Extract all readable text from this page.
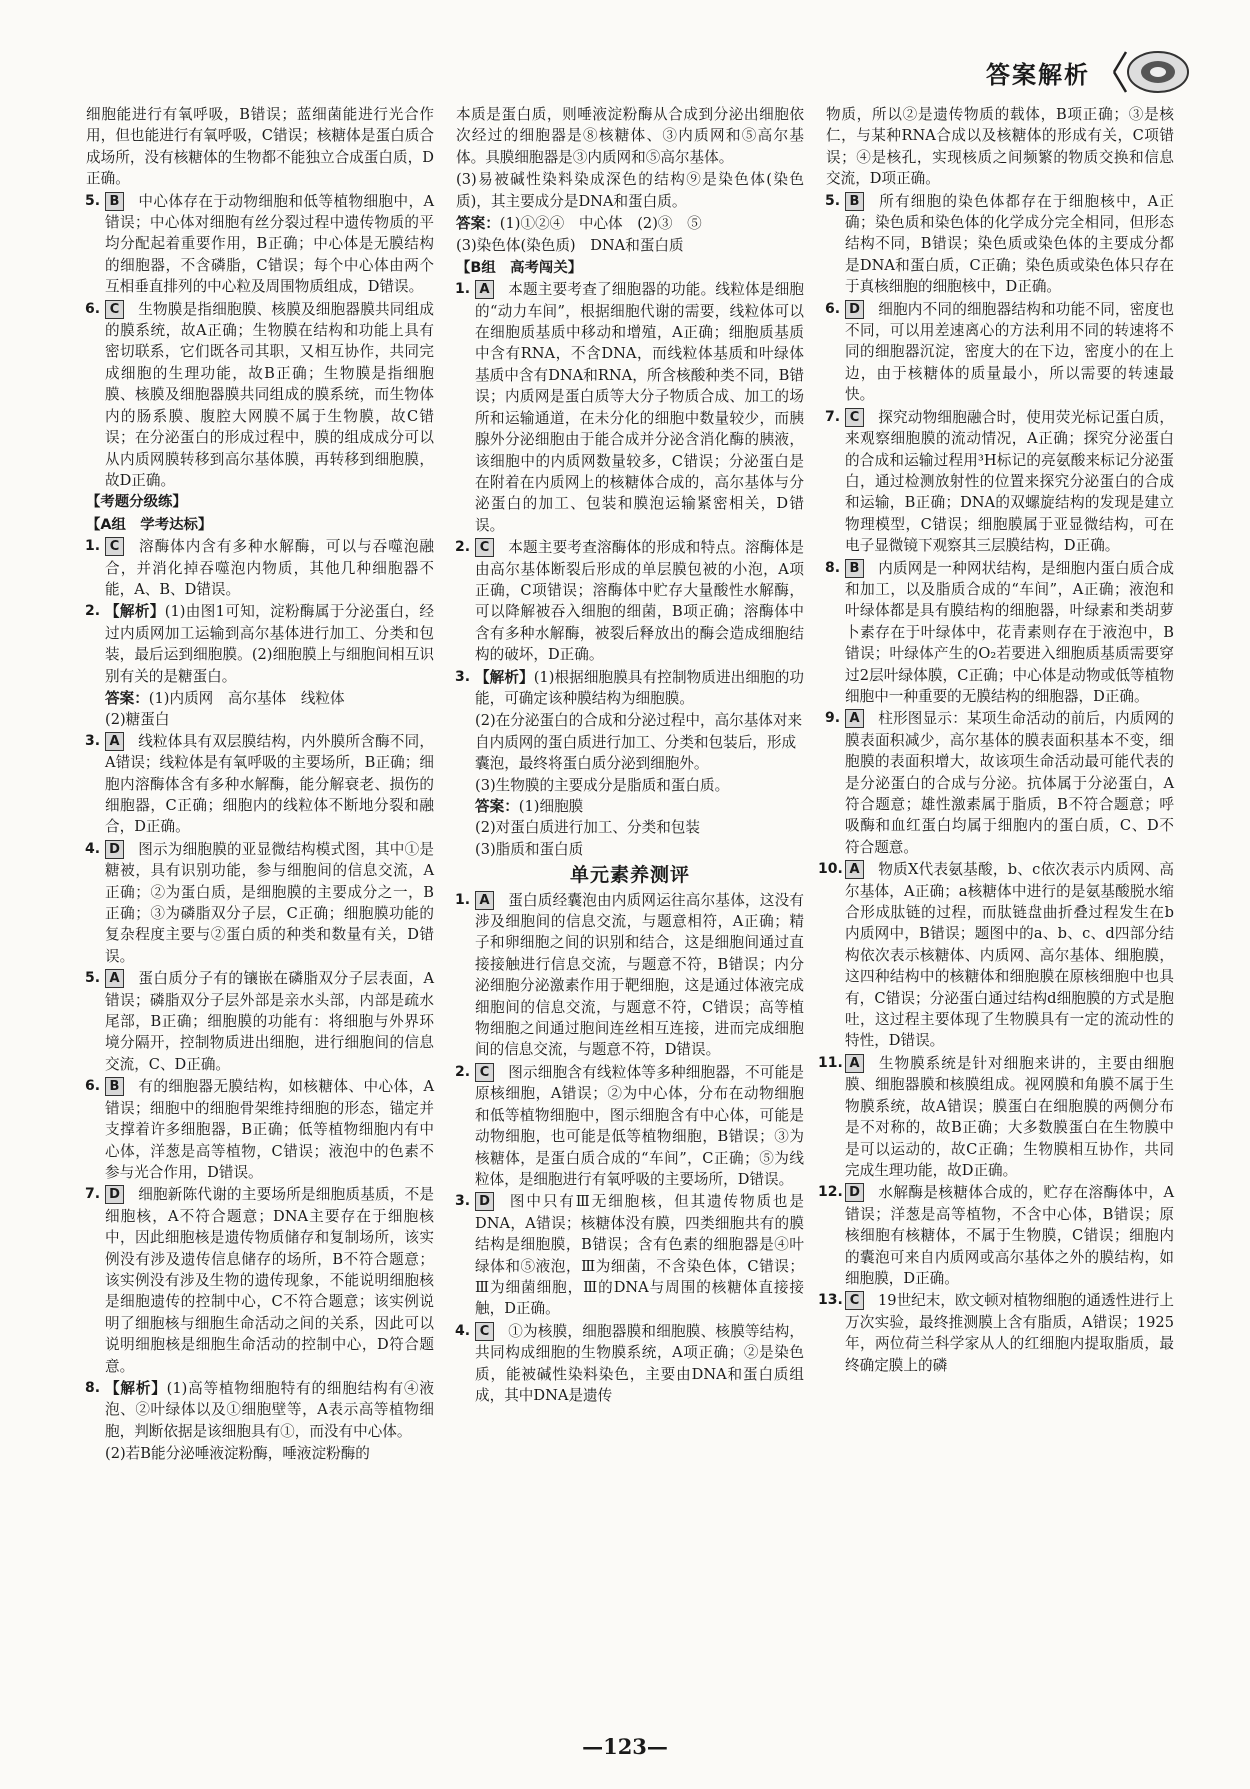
答案解析
细胞能进行有氧呼吸，B错误；蓝细菌能进行光合作用，但也能进行有氧呼吸，C错误；核糖体是蛋白质合成场所，没有核糖体的生物都不能独立合成蛋白质，D正确。
5. B 中心体存在于动物细胞和低等植物细胞中，A错误；中心体对细胞有丝分裂过程中遗传物质的平均分配起着重要作用，B正确；中心体是无膜结构的细胞器，不含磷脂，C错误；每个中心体由两个互相垂直排列的中心粒及周围物质组成，D错误。
6. C 生物膜是指细胞膜、核膜及细胞器膜共同组成的膜系统，故A正确；生物膜在结构和功能上具有密切联系，它们既各司其职，又相互协作，共同完成细胞的生理功能，故B正确；生物膜是指细胞膜、核膜及细胞器膜共同组成的膜系统，而生物体内的肠系膜、腹腔大网膜不属于生物膜，故C错误；在分泌蛋白的形成过程中，膜的组成成分可以从内质网膜转移到高尔基体膜，再转移到细胞膜，故D正确。
【考题分级练】
【A组　学考达标】
1. C 溶酶体内含有多种水解酶，可以与吞噬泡融合，并消化掉吞噬泡内物质，其他几种细胞器不能，A、B、D错误。
2. 【解析】(1)由图1可知，淀粉酶属于分泌蛋白，经过内质网加工运输到高尔基体进行加工、分类和包装，最后运到细胞膜。(2)细胞膜上与细胞间相互识别有关的是糖蛋白。
答案：(1)内质网　高尔基体　线粒体
(2)糖蛋白
3. A 线粒体具有双层膜结构，内外膜所含酶不同，A错误；线粒体是有氧呼吸的主要场所，B正确；细胞内溶酶体含有多种水解酶，能分解衰老、损伤的细胞器，C正确；细胞内的线粒体不断地分裂和融合，D正确。
4. D 图示为细胞膜的亚显微结构模式图，其中①是糖被，具有识别功能，参与细胞间的信息交流，A正确；②为蛋白质，是细胞膜的主要成分之一，B正确；③为磷脂双分子层，C正确；细胞膜功能的复杂程度主要与②蛋白质的种类和数量有关，D错误。
5. A 蛋白质分子有的镶嵌在磷脂双分子层表面，A错误；磷脂双分子层外部是亲水头部，内部是疏水尾部，B正确；细胞膜的功能有：将细胞与外界环境分隔开，控制物质进出细胞，进行细胞间的信息交流，C、D正确。
6. B 有的细胞器无膜结构，如核糖体、中心体，A错误；细胞中的细胞骨架维持细胞的形态，锚定并支撑着许多细胞器，B正确；低等植物细胞内有中心体，洋葱是高等植物，C错误；液泡中的色素不参与光合作用，D错误。
7. D 细胞新陈代谢的主要场所是细胞质基质，不是细胞核，A不符合题意；DNA主要存在于细胞核中，因此细胞核是遗传物质储存和复制场所，该实例没有涉及遗传信息储存的场所，B不符合题意；该实例没有涉及生物的遗传现象，不能说明细胞核是细胞遗传的控制中心，C不符合题意；该实例说明了细胞核与细胞生命活动之间的关系，因此可以说明细胞核是细胞生命活动的控制中心，D符合题意。
8. 【解析】(1)高等植物细胞特有的细胞结构有④液泡、②叶绿体以及①细胞壁等，A表示高等植物细胞，判断依据是该细胞具有①，而没有中心体。
(2)若B能分泌唾液淀粉酶，唾液淀粉酶的
本质是蛋白质，则唾液淀粉酶从合成到分泌出细胞依次经过的细胞器是⑧核糖体、③内质网和⑤高尔基体。具膜细胞器是③内质网和⑤高尔基体。
(3)易被碱性染料染成深色的结构⑨是染色体(染色质)，其主要成分是DNA和蛋白质。
答案：(1)①②④　中心体　(2)③　⑤
(3)染色体(染色质)　DNA和蛋白质
【B组　高考闯关】
1. A 本题主要考查了细胞器的功能。线粒体是细胞的“动力车间”，根据细胞代谢的需要，线粒体可以在细胞质基质中移动和增殖，A正确；细胞质基质中含有RNA，不含DNA，而线粒体基质和叶绿体基质中含有DNA和RNA，所含核酸种类不同，B错误；内质网是蛋白质等大分子物质合成、加工的场所和运输通道，在未分化的细胞中数量较少，而胰腺外分泌细胞由于能合成并分泌含消化酶的胰液，该细胞中的内质网数量较多，C错误；分泌蛋白是在附着在内质网上的核糖体合成的，高尔基体与分泌蛋白的加工、包装和膜泡运输紧密相关，D错误。
2. C 本题主要考查溶酶体的形成和特点。溶酶体是由高尔基体断裂后形成的单层膜包被的小泡，A项正确，C项错误；溶酶体中贮存大量酸性水解酶，可以降解被吞入细胞的细菌，B项正确；溶酶体中含有多种水解酶，被裂后释放出的酶会造成细胞结构的破坏，D正确。
3. 【解析】(1)根据细胞膜具有控制物质进出细胞的功能，可确定该种膜结构为细胞膜。
(2)在分泌蛋白的合成和分泌过程中，高尔基体对来自内质网的蛋白质进行加工、分类和包装后，形成囊泡，最终将蛋白质分泌到细胞外。
(3)生物膜的主要成分是脂质和蛋白质。
答案：(1)细胞膜
(2)对蛋白质进行加工、分类和包装
(3)脂质和蛋白质
单元素养测评
1. A 蛋白质经囊泡由内质网运往高尔基体，这没有涉及细胞间的信息交流，与题意相符，A正确；精子和卵细胞之间的识别和结合，这是细胞间通过直接接触进行信息交流，与题意不符，B错误；内分泌细胞分泌激素作用于靶细胞，这是通过体液完成细胞间的信息交流，与题意不符，C错误；高等植物细胞之间通过胞间连丝相互连接，进而完成细胞间的信息交流，与题意不符，D错误。
2. C 图示细胞含有线粒体等多种细胞器，不可能是原核细胞，A错误；②为中心体，分布在动物细胞和低等植物细胞中，图示细胞含有中心体，可能是动物细胞，也可能是低等植物细胞，B错误；③为核糖体，是蛋白质合成的“车间”，C正确；⑤为线粒体，是细胞进行有氧呼吸的主要场所，D错误。
3. D 图中只有Ⅲ无细胞核，但其遗传物质也是DNA，A错误；核糖体没有膜，四类细胞共有的膜结构是细胞膜，B错误；含有色素的细胞器是④叶绿体和⑤液泡，Ⅲ为细菌，不含染色体，C错误；Ⅲ为细菌细胞，Ⅲ的DNA与周围的核糖体直接接触，D正确。
4. C ①为核膜，细胞器膜和细胞膜、核膜等结构，共同构成细胞的生物膜系统，A项正确；②是染色质，能被碱性染料染色，主要由DNA和蛋白质组成，其中DNA是遗传
物质，所以②是遗传物质的载体，B项正确；③是核仁，与某种RNA合成以及核糖体的形成有关，C项错误；④是核孔，实现核质之间频繁的物质交换和信息交流，D项正确。
5. B 所有细胞的染色体都存在于细胞核中，A正确；染色质和染色体的化学成分完全相同，但形态结构不同，B错误；染色质或染色体的主要成分都是DNA和蛋白质，C正确；染色质或染色体只存在于真核细胞的细胞核中，D正确。
6. D 细胞内不同的细胞器结构和功能不同，密度也不同，可以用差速离心的方法利用不同的转速将不同的细胞器沉淀，密度大的在下边，密度小的在上边，由于核糖体的质量最小，所以需要的转速最快。
7. C 探究动物细胞融合时，使用荧光标记蛋白质，来观察细胞膜的流动情况，A正确；探究分泌蛋白的合成和运输过程用³H标记的亮氨酸来标记分泌蛋白，通过检测放射性的位置来探究分泌蛋白的合成和运输，B正确；DNA的双螺旋结构的发现是建立物理模型，C错误；细胞膜属于亚显微结构，可在电子显微镜下观察其三层膜结构，D正确。
8. B 内质网是一种网状结构，是细胞内蛋白质合成和加工，以及脂质合成的“车间”，A正确；液泡和叶绿体都是具有膜结构的细胞器，叶绿素和类胡萝卜素存在于叶绿体中，花青素则存在于液泡中，B错误；叶绿体产生的O₂若要进入细胞质基质需要穿过2层叶绿体膜，C正确；中心体是动物或低等植物细胞中一种重要的无膜结构的细胞器，D正确。
9. A 柱形图显示：某项生命活动的前后，内质网的膜表面积减少，高尔基体的膜表面积基本不变，细胞膜的表面积增大，故该项生命活动最可能代表的是分泌蛋白的合成与分泌。抗体属于分泌蛋白，A符合题意；雄性激素属于脂质，B不符合题意；呼吸酶和血红蛋白均属于细胞内的蛋白质，C、D不符合题意。
10. A 物质X代表氨基酸，b、c依次表示内质网、高尔基体，A正确；a核糖体中进行的是氨基酸脱水缩合形成肽链的过程，而肽链盘曲折叠过程发生在b内质网中，B错误；题图中的a、b、c、d四部分结构依次表示核糖体、内质网、高尔基体、细胞膜，这四种结构中的核糖体和细胞膜在原核细胞中也具有，C错误；分泌蛋白通过结构d细胞膜的方式是胞吐，这过程主要体现了生物膜具有一定的流动性的特性，D错误。
11. A 生物膜系统是针对细胞来讲的，主要由细胞膜、细胞器膜和核膜组成。视网膜和角膜不属于生物膜系统，故A错误；膜蛋白在细胞膜的两侧分布是不对称的，故B正确；大多数膜蛋白在生物膜中是可以运动的，故C正确；生物膜相互协作，共同完成生理功能，故D正确。
12. D 水解酶是核糖体合成的，贮存在溶酶体中，A错误；洋葱是高等植物，不含中心体，B错误；原核细胞有核糖体，不属于生物膜，C错误；细胞内的囊泡可来自内质网或高尔基体之外的膜结构，如细胞膜，D正确。
13. C 19世纪末，欧文顿对植物细胞的通透性进行上万次实验，最终推测膜上含有脂质，A错误；1925年，两位荷兰科学家从人的红细胞内提取脂质，最终确定膜上的磷
—123—
